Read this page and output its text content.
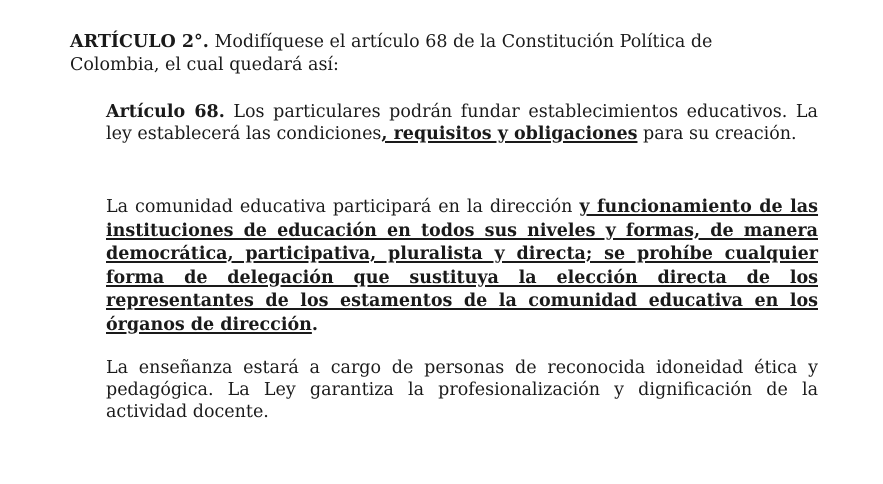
ARTÍCULO 2°. Modifíquese el artículo 68 de la Constitución Política de Colombia, el cual quedará así:

Artículo 68. Los particulares podrán fundar establecimientos educativos. La ley establecerá las condiciones, requisitos y obligaciones para su creación.

La comunidad educativa participará en la dirección y funcionamiento de las instituciones de educación en todos sus niveles y formas, de manera democrática, participativa, pluralista y directa; se prohíbe cualquier forma de delegación que sustituya la elección directa de los representantes de los estamentos de la comunidad educativa en los órganos de dirección.

La enseñanza estará a cargo de personas de reconocida idoneidad ética y pedagógica. La Ley garantiza la profesionalización y dignificación de la actividad docente.
